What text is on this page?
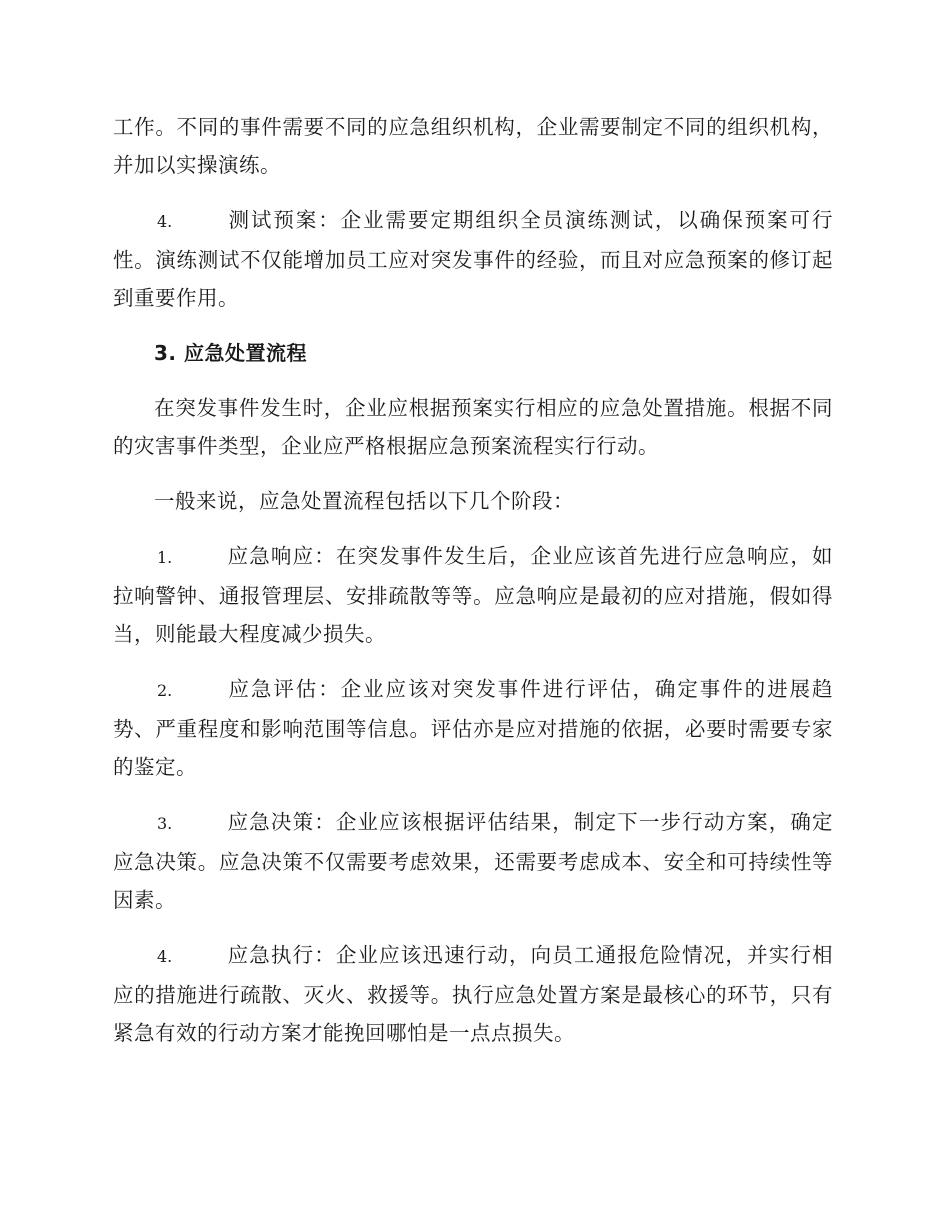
工作。不同的事件需要不同的应急组织机构，企业需要制定不同的组织机构，并加以实操演练。

4.	测试预案：企业需要定期组织全员演练测试，以确保预案可行性。演练测试不仅能增加员工应对突发事件的经验，而且对应急预案的修订起到重要作用。

3. 应急处置流程

在突发事件发生时，企业应根据预案实行相应的应急处置措施。根据不同的灾害事件类型，企业应严格根据应急预案流程实行行动。

一般来说，应急处置流程包括以下几个阶段：

1.	应急响应：在突发事件发生后，企业应该首先进行应急响应，如拉响警钟、通报管理层、安排疏散等等。应急响应是最初的应对措施，假如得当，则能最大程度减少损失。

2.	应急评估：企业应该对突发事件进行评估，确定事件的进展趋势、严重程度和影响范围等信息。评估亦是应对措施的依据，必要时需要专家的鉴定。

3.	应急决策：企业应该根据评估结果，制定下一步行动方案，确定应急决策。应急决策不仅需要考虑效果，还需要考虑成本、安全和可持续性等因素。

4.	应急执行：企业应该迅速行动，向员工通报危险情况，并实行相应的措施进行疏散、灭火、救援等。执行应急处置方案是最核心的环节，只有紧急有效的行动方案才能挽回哪怕是一点点损失。
